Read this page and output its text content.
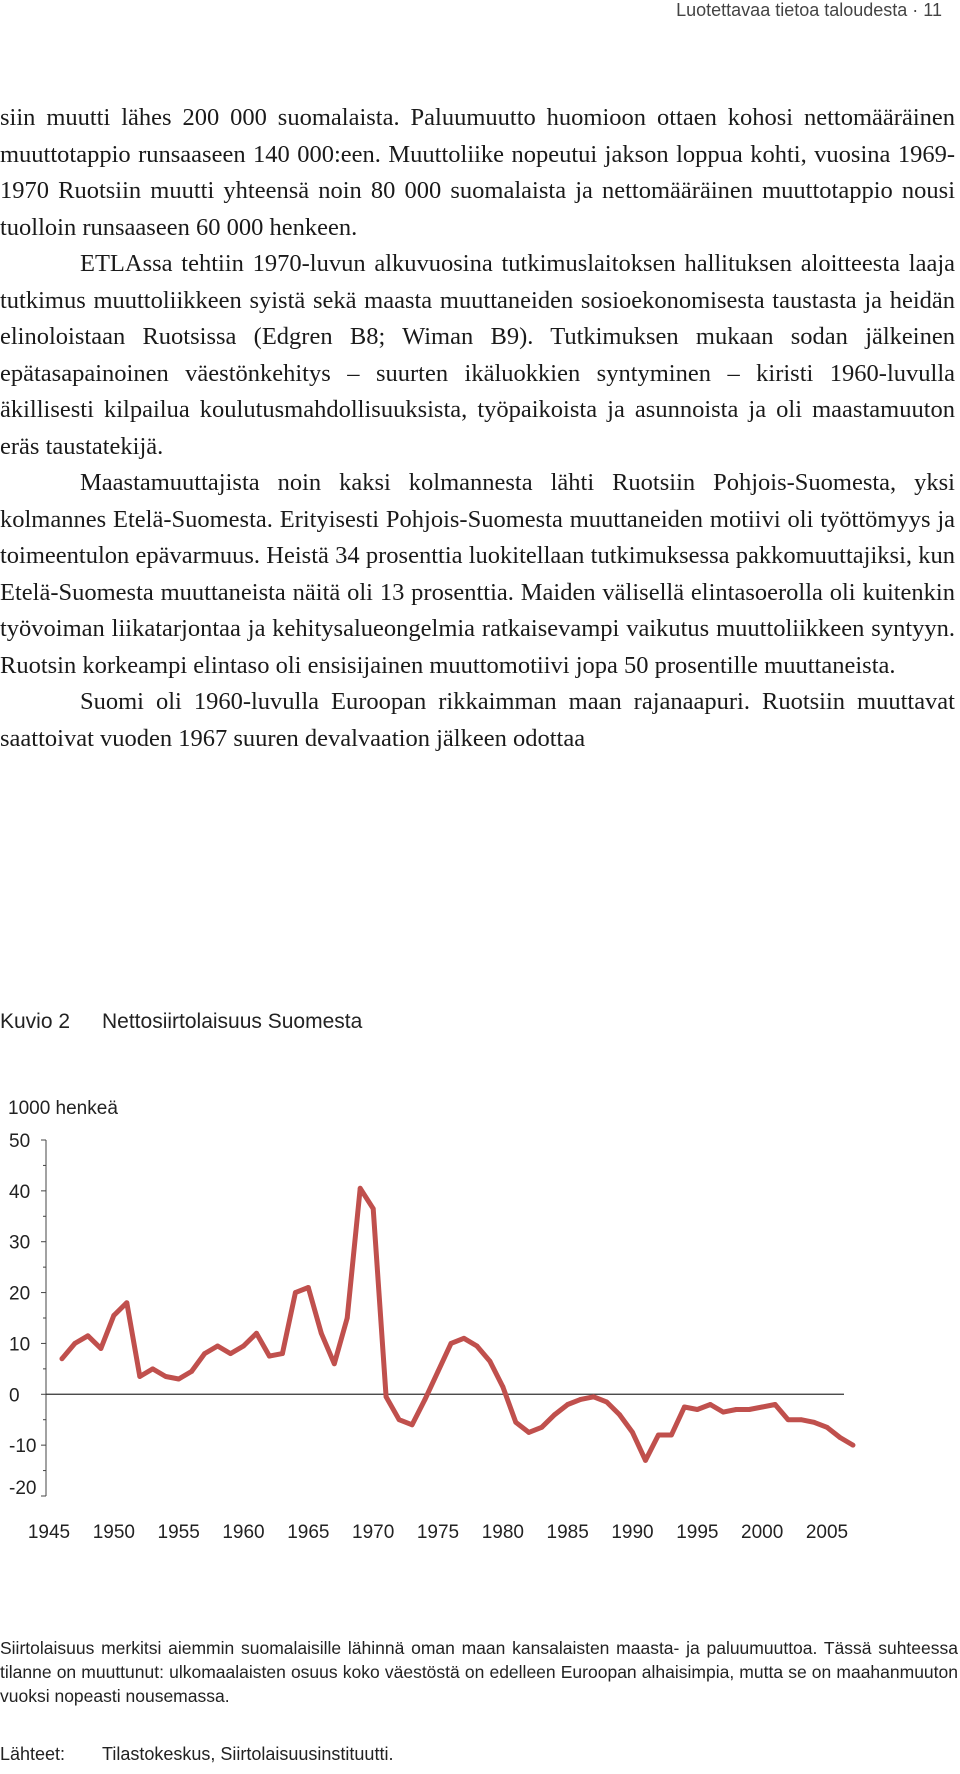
Luotettavaa tietoa taloudesta · 11

siin muutti lähes 200 000 suomalaista. Paluumuutto huomioon ottaen kohosi nettomääräinen muuttotappio runsaaseen 140 000:een. Muuttoliike nopeutui jakson loppua kohti, vuosina 1969-1970 Ruotsiin muutti yhteensä noin 80 000 suomalaista ja nettomääräinen muuttotappio nousi tuolloin runsaaseen 60 000 henkeen.

ETLAssa tehtiin 1970-luvun alkuvuosina tutkimuslaitoksen hallituksen aloitteesta laaja tutkimus muuttoliikkeen syistä sekä maasta muuttaneiden sosioekonomisesta taustasta ja heidän elinoloistaan Ruotsissa (Edgren B8; Wiman B9). Tutkimuksen mukaan sodan jälkeinen epätasapainoinen väestönkehitys – suurten ikäluokkien syntyminen – kiristi 1960-luvulla äkillisesti kilpailua koulutusmahdollisuuksista, työpaikoista ja asunnoista ja oli maastamuuton eräs taustatekijä.

Maastamuuttajista noin kaksi kolmannesta lähti Ruotsiin Pohjois-Suomesta, yksi kolmannes Etelä-Suomesta. Erityisesti Pohjois-Suomesta muuttaneiden motiivi oli työttömyys ja toimeentulon epävarmuus. Heistä 34 prosenttia luokitellaan tutkimuksessa pakkomuuttajiksi, kun Etelä-Suomesta muuttaneista näitä oli 13 prosenttia. Maiden välisellä elintasoerolla oli kuitenkin työvoiman liikatarjontaa ja kehitysalueongelmia ratkaisevampi vaikutus muuttoliikkeen syntyyn. Ruotsin korkeampi elintaso oli ensisijainen muuttomotiivi jopa 50 prosentille muuttaneista.

Suomi oli 1960-luvulla Euroopan rikkaimman maan rajanaapuri. Ruotsiin muuttavat saattoivat vuoden 1967 suuren devalvaation jälkeen odottaa

Kuvio 2 Nettosiirtolaisuus Suomesta
1000 henkeä
50
40
30
20
10
0
-10
-20
1945 1950 1955 1960 1965 1970 1975 1980 1985 1990 1995 2000 2005
Siirtolaisuus merkitsi aiemmin suomalaisille lähinnä oman maan kansalaisten maasta- ja paluumuuttoa. Tässä suhteessa tilanne on muuttunut: ulkomaalaisten osuus koko väestöstä on edelleen Euroopan alhaisimpia, mutta se on maahanmuuton vuoksi nopeasti nousemassa.
Lähteet: Tilastokeskus, Siirtolaisuusinstituutti.
